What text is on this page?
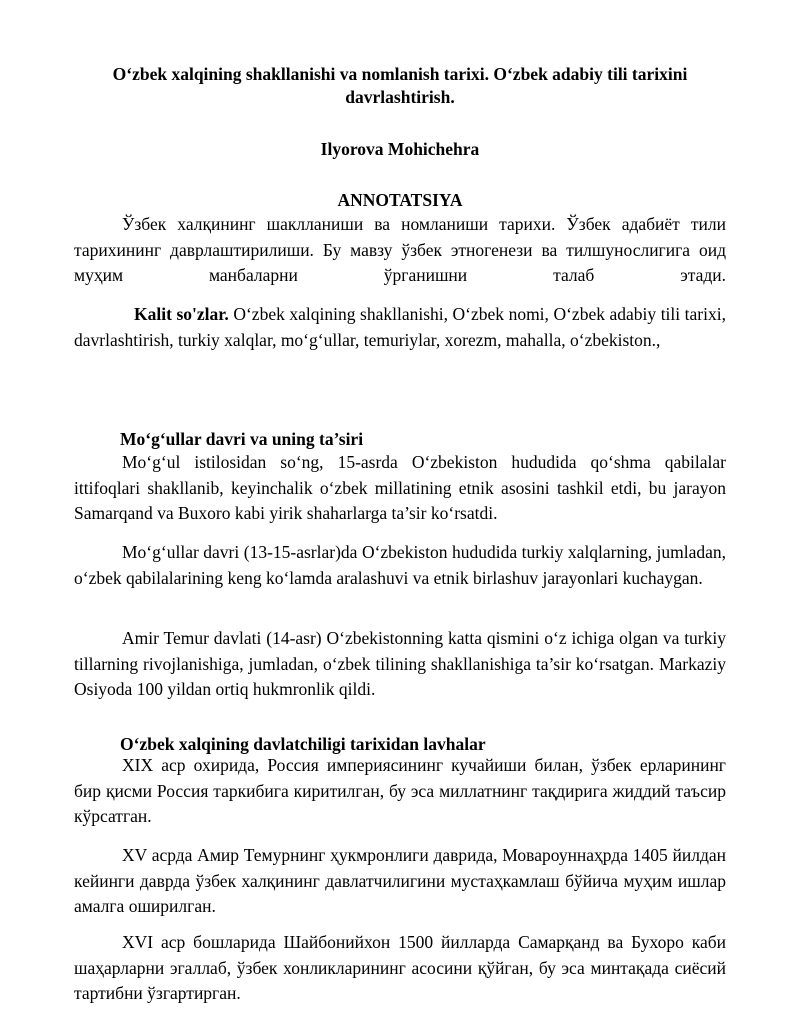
O‘zbek xalqining shakllanishi va nomlanish tarixi. O‘zbek adabiy tili tarixini davrlashtirish.

Ilyorova Mohichehra

ANNOTATSIYA

Ўзбек халқининг шаклланиши ва номланиши тарихи. Ўзбек адабиёт тили тарихининг даврлаштирилиши. Бу мавзу ўзбек этногенези ва тилшунослигига оид муҳим манбаларни ўрганишни талаб этади.

Kalit so'zlar. O‘zbek xalqining shakllanishi, O‘zbek nomi, O‘zbek adabiy tili tarixi, davrlashtirish, turkiy xalqlar, mo‘g‘ullar, temuriylar, xorezm, mahalla, o‘zbekiston.,

Mo‘g‘ullar davri va uning ta’siri

Mo‘g‘ul istilosidan so‘ng, 15-asrda O‘zbekiston hududida qo‘shma qabilalar ittifoqlari shakllanib, keyinchalik o‘zbek millatining etnik asosini tashkil etdi, bu jarayon Samarqand va Buxoro kabi yirik shaharlarga ta’sir ko‘rsatdi.

Mo‘g‘ullar davri (13-15-asrlar)da O‘zbekiston hududida turkiy xalqlarning, jumladan, o‘zbek qabilalarining keng ko‘lamda aralashuvi va etnik birlashuv jarayonlari kuchaygan.

Amir Temur davlati (14-asr) O‘zbekistonning katta qismini o‘z ichiga olgan va turkiy tillarning rivojlanishiga, jumladan, o‘zbek tilining shakllanishiga ta’sir ko‘rsatgan. Markaziy Osiyoda 100 yildan ortiq hukmronlik qildi.

O‘zbek xalqining davlatchiligi tarixidan lavhalar

XIX аср охирида, Россия империясининг кучайиши билан, ўзбек ерларининг бир қисми Россия таркибига киритилган, бу эса миллатнинг тақдирига жиддий таъсир кўрсатган.

XV асрда Амир Темурнинг ҳукмронлиги даврида, Мовароуннаҳрда 1405 йилдан кейинги даврда ўзбек халқининг давлатчилигини мустаҳкамлаш бўйича муҳим ишлар амалга оширилган.

XVI аср бошларида Шайбонийхон 1500 йилларда Самарқанд ва Бухоро каби шаҳарларни эгаллаб, ўзбек хонликларининг асосини қўйган, бу эса минтақада сиёсий тартибни ўзгартирган.
